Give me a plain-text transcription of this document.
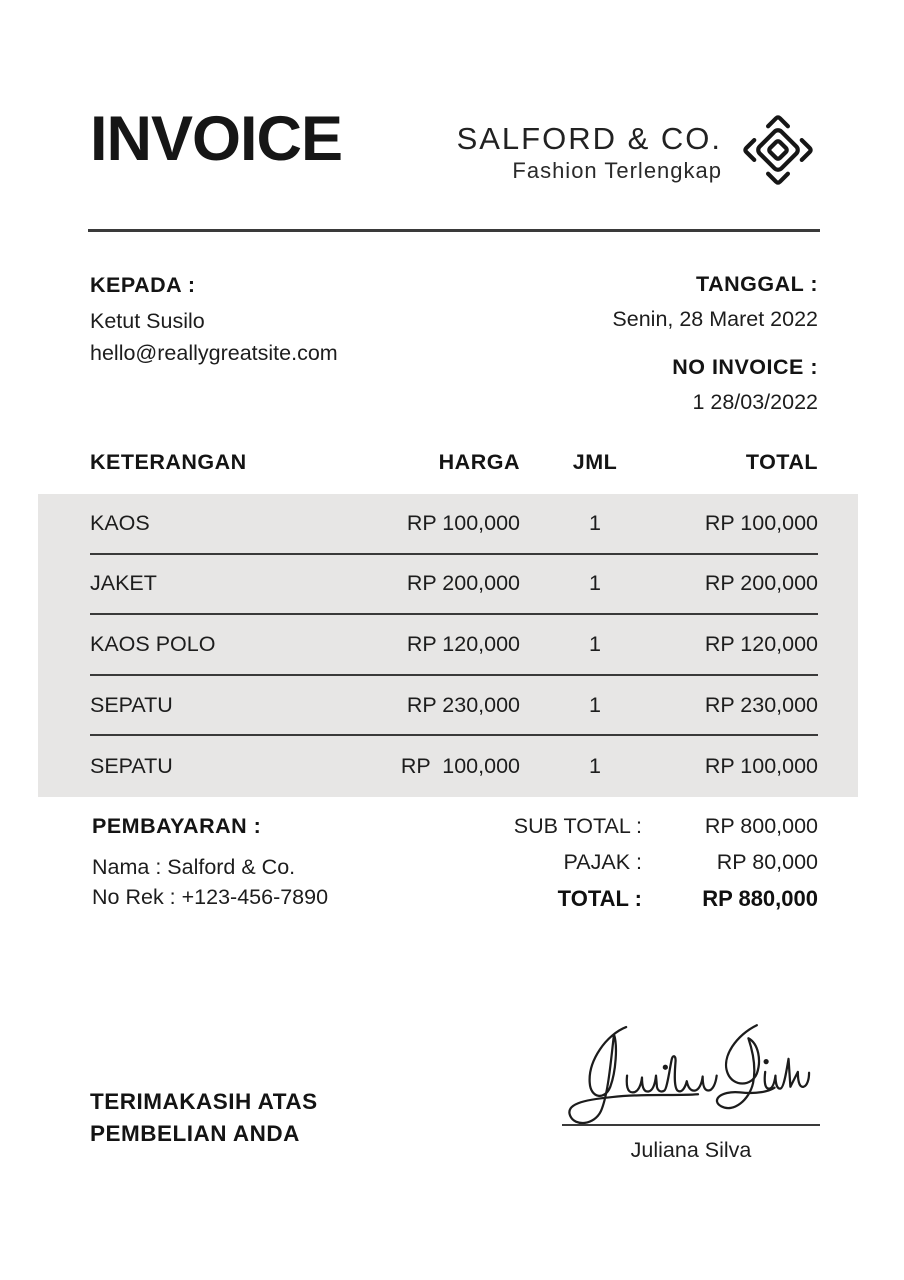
INVOICE	SALFORD & CO.
Fashion Terlengkap
KEPADA :
Ketut Susilo
hello@reallygreatsite.com
TANGGAL :
Senin, 28 Maret 2022
NO INVOICE :
1 28/03/2022
KETERANGAN	HARGA	JML	TOTAL
KAOS	RP 100,000	1	RP 100,000
JAKET	RP 200,000	1	RP 200,000
KAOS POLO	RP 120,000	1	RP 120,000
SEPATU	RP 230,000	1	RP 230,000
SEPATU	RP  100,000	1	RP 100,000
PEMBAYARAN :
Nama : Salford & Co.
No Rek : +123-456-7890
SUB TOTAL :	RP 800,000
PAJAK :	RP 80,000
TOTAL :	RP 880,000
TERIMAKASIH ATAS
PEMBELIAN ANDA
Juliana Silva
